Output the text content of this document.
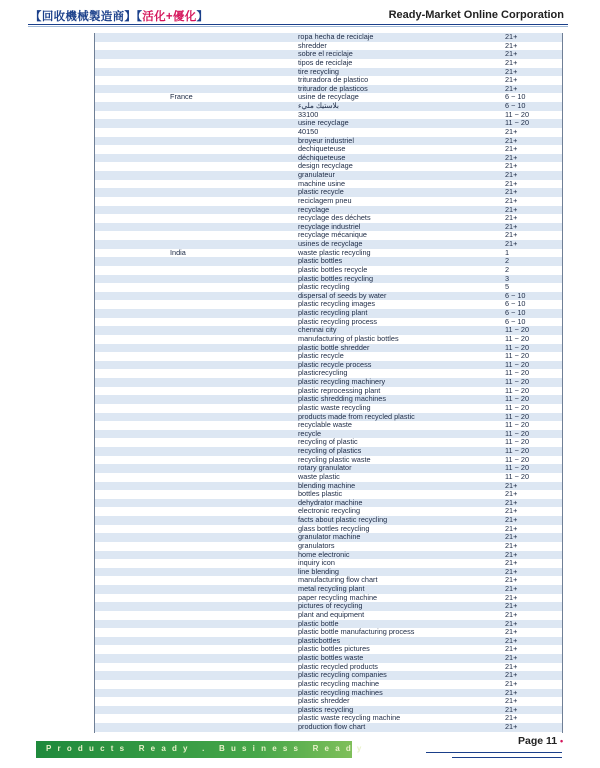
【回收機械製造商】【活化+優化】	Ready-Market Online Corporation
ropa hecha de reciclaje	21+
shredder	21+
sobre el reciclaje	21+
tipos de reciclaje	21+
tire recycling	21+
trituradora de plastico	21+
triturador de plasticos	21+
France	usine de recyclage	6 ~ 10
بلاستيك مليء	6 ~ 10
33100	11 ~ 20
usine recyclage	11 ~ 20
40150	21+
broyeur industriel	21+
dechiqueteuse	21+
déchiqueteuse	21+
design recyclage	21+
granulateur	21+
machine usine	21+
plastic recycle	21+
reciclagem pneu	21+
recyclage	21+
recyclage des déchets	21+
recyclage industriel	21+
recyclage mécanique	21+
usines de recyclage	21+
India	waste plastic recycling	1
plastic bottles	2
plastic bottles recycle	2
plastic bottles recycling	3
plastic recycling	5
dispersal of seeds by water	6 ~ 10
plastic recycling images	6 ~ 10
plastic recycling plant	6 ~ 10
plastic recycling process	6 ~ 10
chennai city	11 ~ 20
manufacturing of plastic bottles	11 ~ 20
plastic bottle shredder	11 ~ 20
plastic recycle	11 ~ 20
plastic recycle process	11 ~ 20
plasticrecycling	11 ~ 20
plastic recycling machinery	11 ~ 20
plastic reprocessing plant	11 ~ 20
plastic shredding machines	11 ~ 20
plastic waste recycling	11 ~ 20
products made from recycled plastic	11 ~ 20
recyclable waste	11 ~ 20
recycle	11 ~ 20
recycling of plastic	11 ~ 20
recycling of plastics	11 ~ 20
recycling plastic waste	11 ~ 20
rotary granulator	11 ~ 20
waste plastic	11 ~ 20
blending machine	21+
bottles plastic	21+
dehydrator machine	21+
electronic recycling	21+
facts about plastic recycling	21+
glass bottles recycling	21+
granulator machine	21+
granulators	21+
home electronic	21+
inquiry icon	21+
line blending	21+
manufacturing flow chart	21+
metal recycling plant	21+
paper recycling machine	21+
pictures of recycling	21+
plant and equipment	21+
plastic bottle	21+
plastic bottle manufacturing process	21+
plasticbottles	21+
plastic bottles pictures	21+
plastic bottles waste	21+
plastic recycled products	21+
plastic recycling companies	21+
plastic recycling machine	21+
plastic recycling machines	21+
plastic shredder	21+
plastics recycling	21+
plastic waste recycling machine	21+
production flow chart	21+
Products Ready . Business Ready
Page 11 •
